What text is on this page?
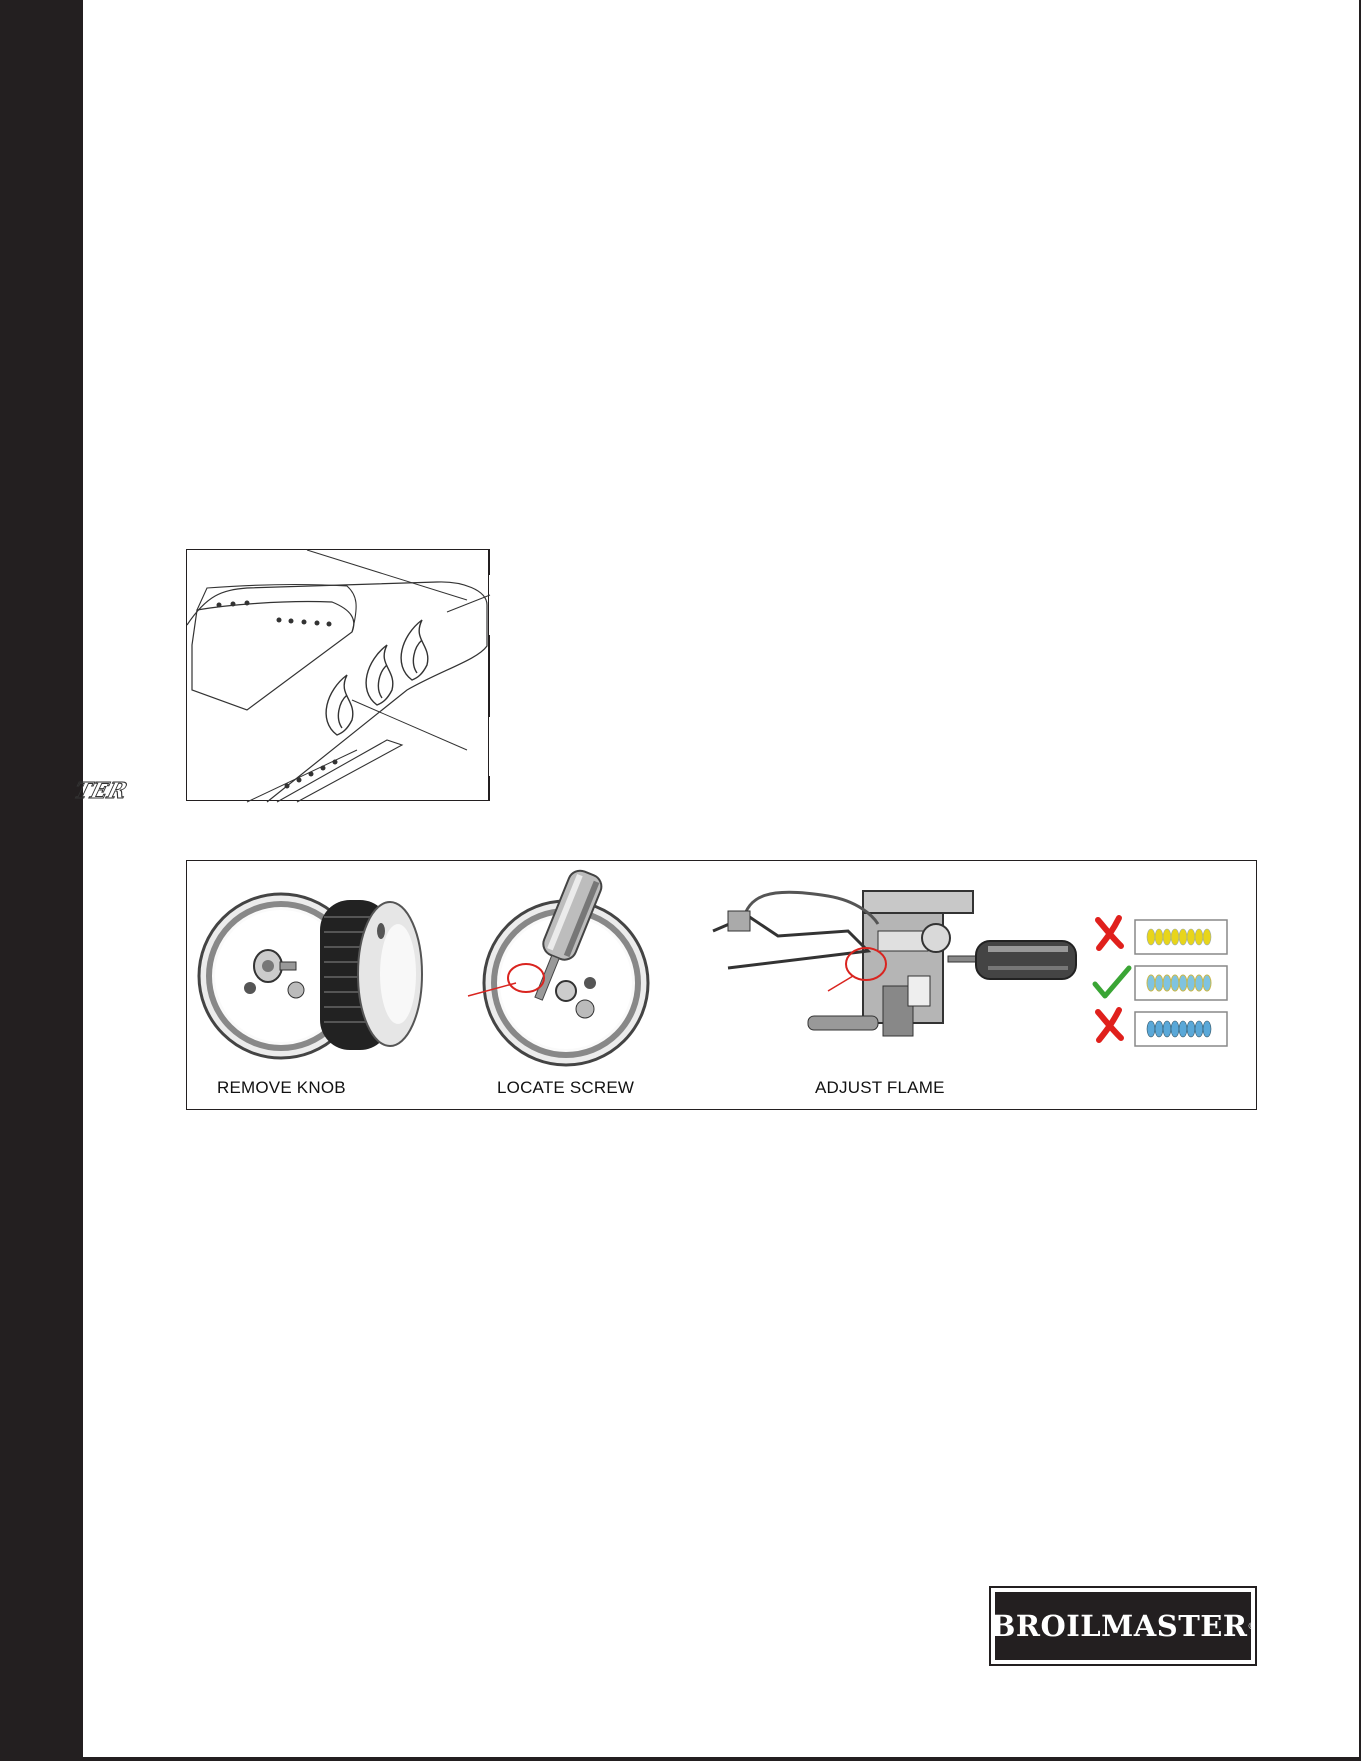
TER
REMOVE KNOB	LOCATE SCREW	ADJUST FLAME
BROILMASTER ®
